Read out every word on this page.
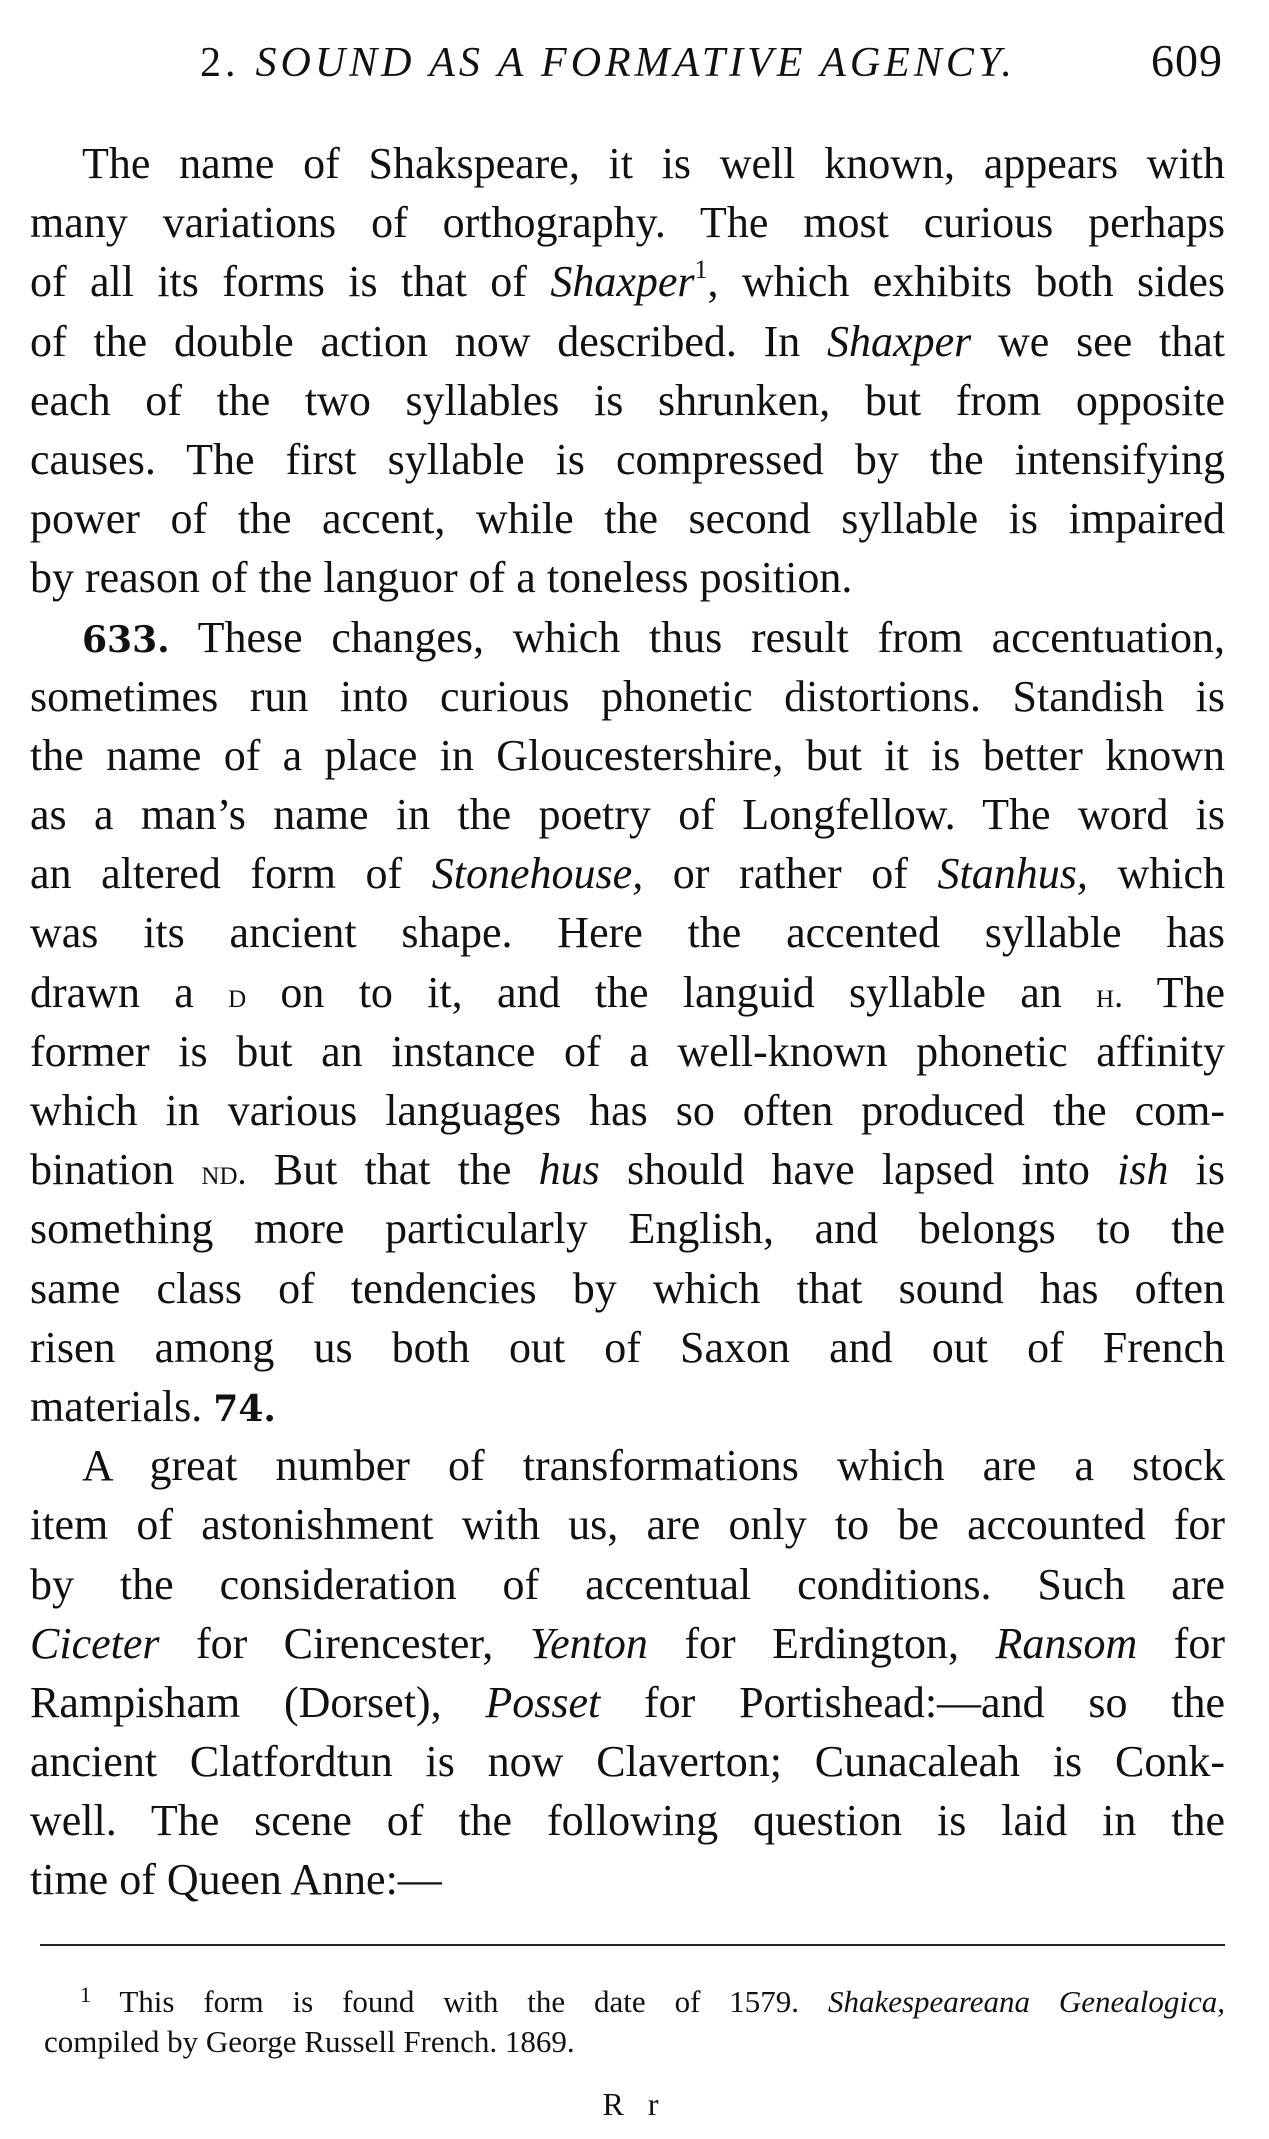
2. SOUND AS A FORMATIVE AGENCY.	609
The name of Shakspeare, it is well known, appears with
many variations of orthography. The most curious perhaps
of all its forms is that of Shaxper$^1$, which exhibits both sides
of the double action now described. In Shaxper we see that
each of the two syllables is shrunken, but from opposite
causes. The first syllable is compressed by the intensifying
power of the accent, while the second syllable is impaired
by reason of the languor of a toneless position.
633. These changes, which thus result from accentuation,
sometimes run into curious phonetic distortions. Standish is
the name of a place in Gloucestershire, but it is better known
as a man’s name in the poetry of Longfellow. The word is
an altered form of Stonehouse, or rather of Stanhus, which
was its ancient shape. Here the accented syllable has
drawn a d on to it, and the languid syllable an h. The
former is but an instance of a well-known phonetic affinity
which in various languages has so often produced the com-
bination nd. But that the hus should have lapsed into ish is
something more particularly English, and belongs to the
same class of tendencies by which that sound has often
risen among us both out of Saxon and out of French
materials. 74.
A great number of transformations which are a stock
item of astonishment with us, are only to be accounted for
by the consideration of accentual conditions. Such are
Ciceter for Cirencester, Yenton for Erdington, Ransom for
Rampisham (Dorset), Posset for Portishead:—and so the
ancient Clatfordtun is now Claverton; Cunacaleah is Conk-
well. The scene of the following question is laid in the
time of Queen Anne:—
$^1$ This form is found with the date of 1579. Shakespeareana Genealogica,
compiled by George Russell French. 1869.
R r
